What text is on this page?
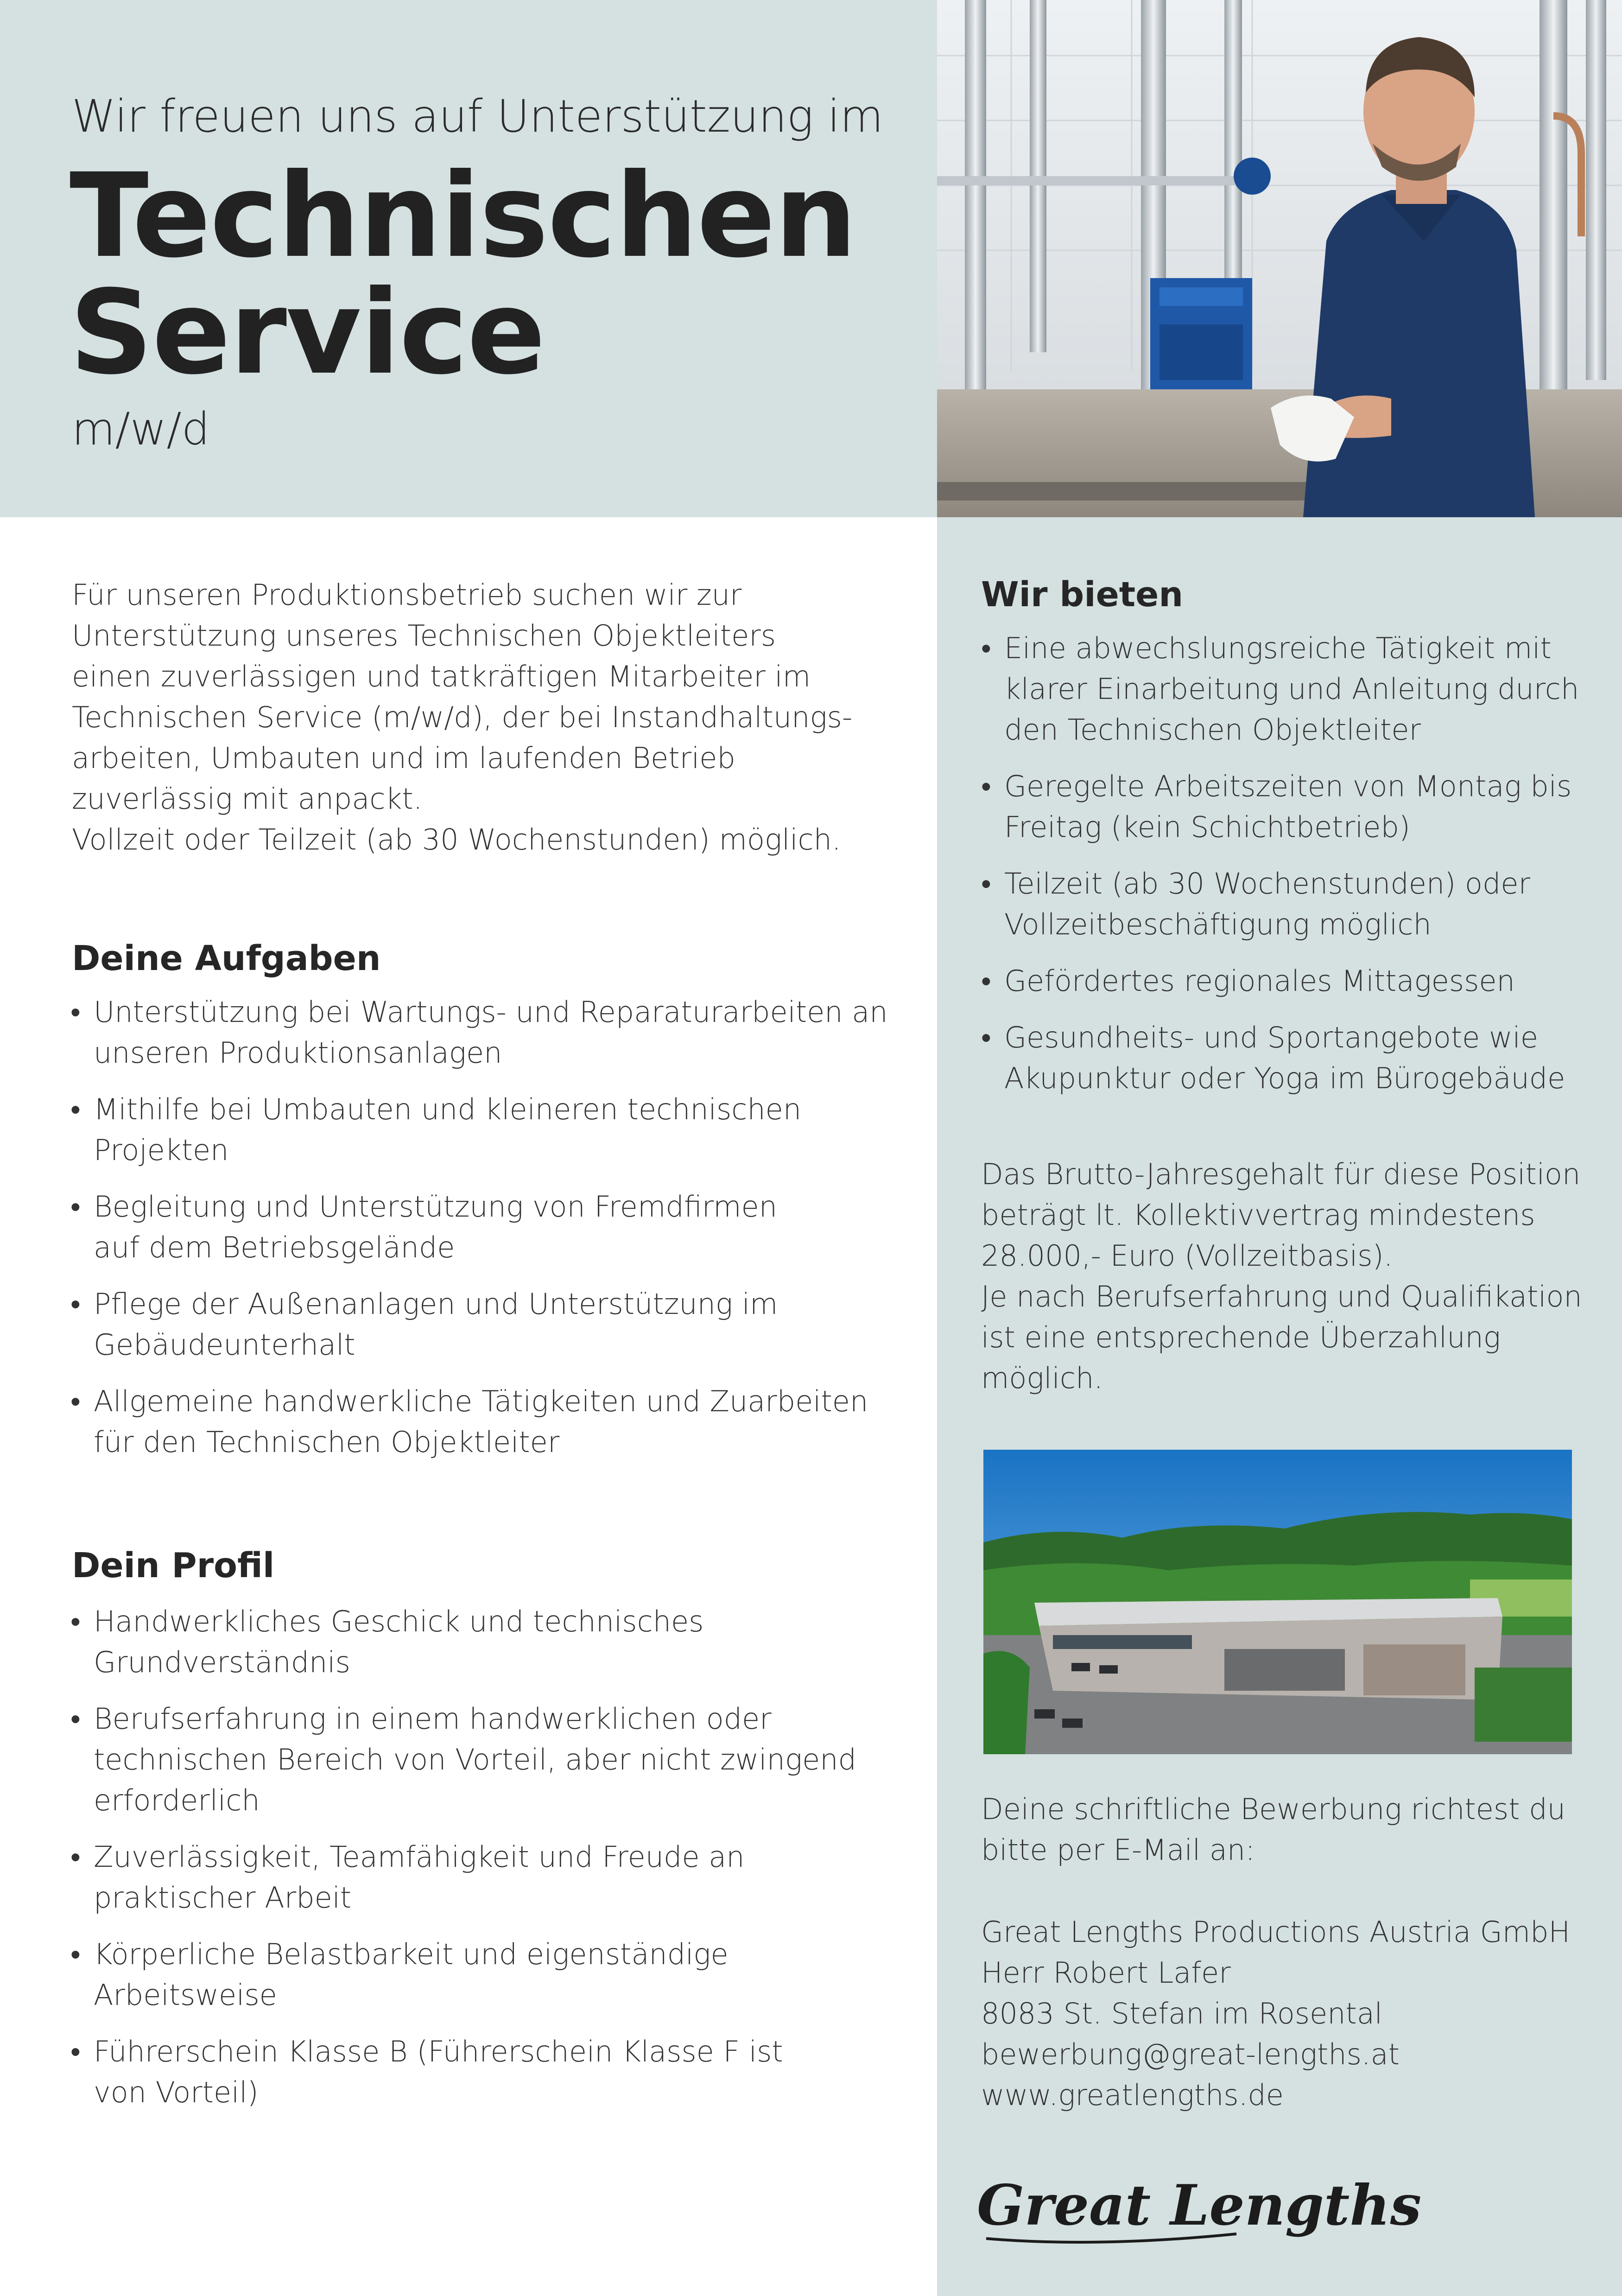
Wir freuen uns auf Unterstützung im
Technischen
Service
m/w/d
Für unseren Produktionsbetrieb suchen wir zur
Unterstützung unseres Technischen Objektleiters
einen zuverlässigen und tatkräftigen Mitarbeiter im
Technischen Service (m/w/d), der bei Instandhaltungs-
arbeiten, Umbauten und im laufenden Betrieb
zuverlässig mit anpackt.
Vollzeit oder Teilzeit (ab 30 Wochenstunden) möglich.
Deine Aufgaben
• Unterstützung bei Wartungs- und Reparaturarbeiten an
unseren Produktionsanlagen
• Mithilfe bei Umbauten und kleineren technischen
Projekten
• Begleitung und Unterstützung von Fremdfirmen
auf dem Betriebsgelände
• Pflege der Außenanlagen und Unterstützung im
Gebäudeunterhalt
• Allgemeine handwerkliche Tätigkeiten und Zuarbeiten
für den Technischen Objektleiter
Dein Profil
• Handwerkliches Geschick und technisches
Grundverständnis
• Berufserfahrung in einem handwerklichen oder
technischen Bereich von Vorteil, aber nicht zwingend
erforderlich
• Zuverlässigkeit, Teamfähigkeit und Freude an
praktischer Arbeit
• Körperliche Belastbarkeit und eigenständige
Arbeitsweise
• Führerschein Klasse B (Führerschein Klasse F ist
von Vorteil)
Wir bieten
• Eine abwechslungsreiche Tätigkeit mit
klarer Einarbeitung und Anleitung durch
den Technischen Objektleiter
• Geregelte Arbeitszeiten von Montag bis
Freitag (kein Schichtbetrieb)
• Teilzeit (ab 30 Wochenstunden) oder
Vollzeitbeschäftigung möglich
• Gefördertes regionales Mittagessen
• Gesundheits- und Sportangebote wie
Akupunktur oder Yoga im Bürogebäude
Das Brutto-Jahresgehalt für diese Position
beträgt lt. Kollektivvertrag mindestens
28.000,- Euro (Vollzeitbasis).
Je nach Berufserfahrung und Qualifikation
ist eine entsprechende Überzahlung
möglich.
Deine schriftliche Bewerbung richtest du
bitte per E-Mail an:
Great Lengths Productions Austria GmbH
Herr Robert Lafer
8083 St. Stefan im Rosental
bewerbung@great-lengths.at
www.greatlengths.de
Great Lengths
